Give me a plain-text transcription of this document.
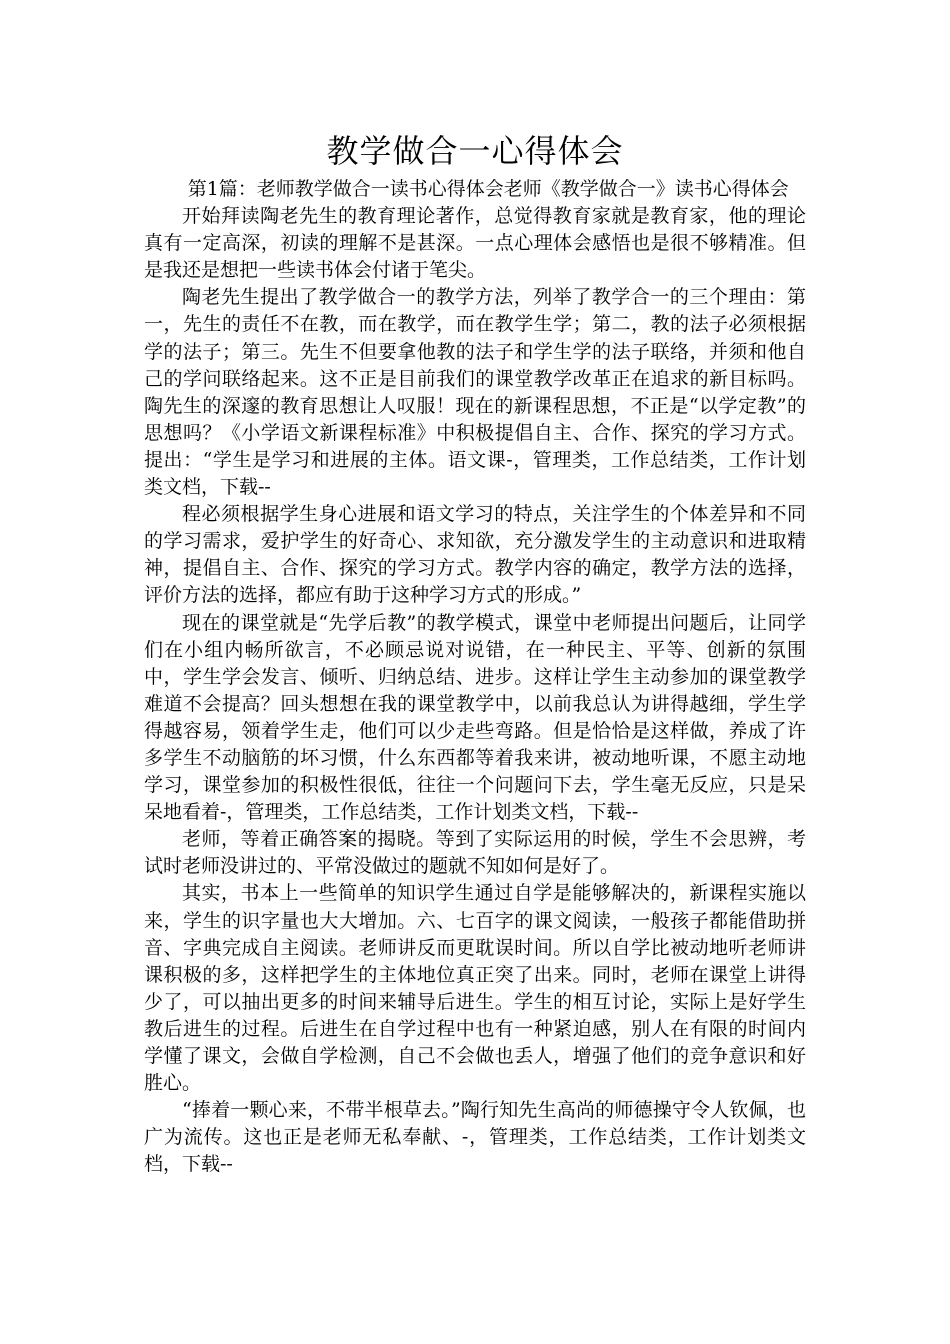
教学做合一心得体会

第1篇：老师教学做合一读书心得体会老师《教学做合一》读书心得体会

开始拜读陶老先生的教育理论著作，总觉得教育家就是教育家，他的理论真有一定高深，初读的理解不是甚深。一点心理体会感悟也是很不够精准。但是我还是想把一些读书体会付诸于笔尖。

陶老先生提出了教学做合一的教学方法，列举了教学合一的三个理由：第一，先生的责任不在教，而在教学，而在教学生学；第二，教的法子必须根据学的法子；第三。先生不但要拿他教的法子和学生学的法子联络，并须和他自己的学问联络起来。这不正是目前我们的课堂教学改革正在追求的新目标吗。陶先生的深邃的教育思想让人叹服！现在的新课程思想，不正是“以学定教”的思想吗？《小学语文新课程标准》中积极提倡自主、合作、探究的学习方式。提出：“学生是学习和进展的主体。语文课-，管理类，工作总结类，工作计划类文档，下载--

程必须根据学生身心进展和语文学习的特点，关注学生的个体差异和不同的学习需求，爱护学生的好奇心、求知欲，充分激发学生的主动意识和进取精神，提倡自主、合作、探究的学习方式。教学内容的确定，教学方法的选择，评价方法的选择，都应有助于这种学习方式的形成。”

现在的课堂就是“先学后教”的教学模式，课堂中老师提出问题后，让同学们在小组内畅所欲言，不必顾忌说对说错，在一种民主、平等、创新的氛围中，学生学会发言、倾听、归纳总结、进步。这样让学生主动参加的课堂教学难道不会提高？回头想想在我的课堂教学中，以前我总认为讲得越细，学生学得越容易，领着学生走，他们可以少走些弯路。但是恰恰是这样做，养成了许多学生不动脑筋的坏习惯，什么东西都等着我来讲，被动地听课，不愿主动地学习，课堂参加的积极性很低，往往一个问题问下去，学生毫无反应，只是呆呆地看着-，管理类，工作总结类，工作计划类文档，下载--

老师，等着正确答案的揭晓。等到了实际运用的时候，学生不会思辨，考试时老师没讲过的、平常没做过的题就不知如何是好了。

其实，书本上一些简单的知识学生通过自学是能够解决的，新课程实施以来，学生的识字量也大大增加。六、七百字的课文阅读，一般孩子都能借助拼音、字典完成自主阅读。老师讲反而更耽误时间。所以自学比被动地听老师讲课积极的多，这样把学生的主体地位真正突了出来。同时，老师在课堂上讲得少了，可以抽出更多的时间来辅导后进生。学生的相互讨论，实际上是好学生教后进生的过程。后进生在自学过程中也有一种紧迫感，别人在有限的时间内学懂了课文，会做自学检测，自己不会做也丢人，增强了他们的竞争意识和好胜心。

“捧着一颗心来，不带半根草去。”陶行知先生高尚的师德操守令人钦佩，也广为流传。这也正是老师无私奉献、-，管理类，工作总结类，工作计划类文档，下载--
